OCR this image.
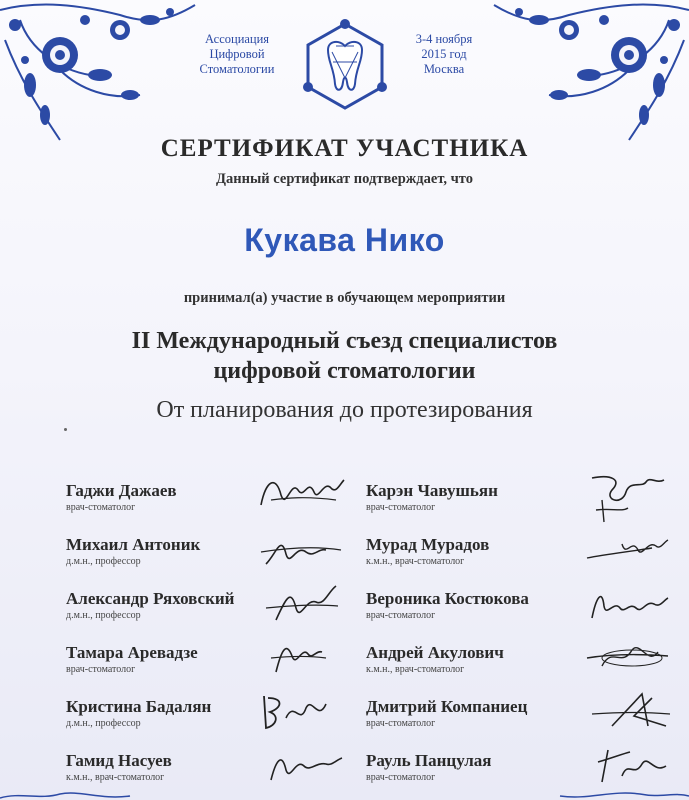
Ассоциация
Цифровой
Стоматологии
3-4 ноября
2015 год
Москва
СЕРТИФИКАТ УЧАСТНИКА
Данный сертификат подтверждает, что
Кукава Нико
принимал(а) участие в обучающем мероприятии
II Международный съезд специалистов
цифровой стоматологии
От планирования до протезирования
Гаджи Дажаев
врач-стоматолог
Михаил Антоник
д.м.н., профессор
Александр Ряховский
д.м.н., профессор
Тамара Аревадзе
врач-стоматолог
Кристина Бадалян
д.м.н., профессор
Гамид Насуев
к.м.н., врач-стоматолог
Карэн Чавушьян
врач-стоматолог
Мурад Мурадов
к.м.н., врач-стоматолог
Вероника Костюкова
врач-стоматолог
Андрей Акулович
к.м.н., врач-стоматолог
Дмитрий Компаниец
врач-стоматолог
Рауль Панцулая
врач-стоматолог
